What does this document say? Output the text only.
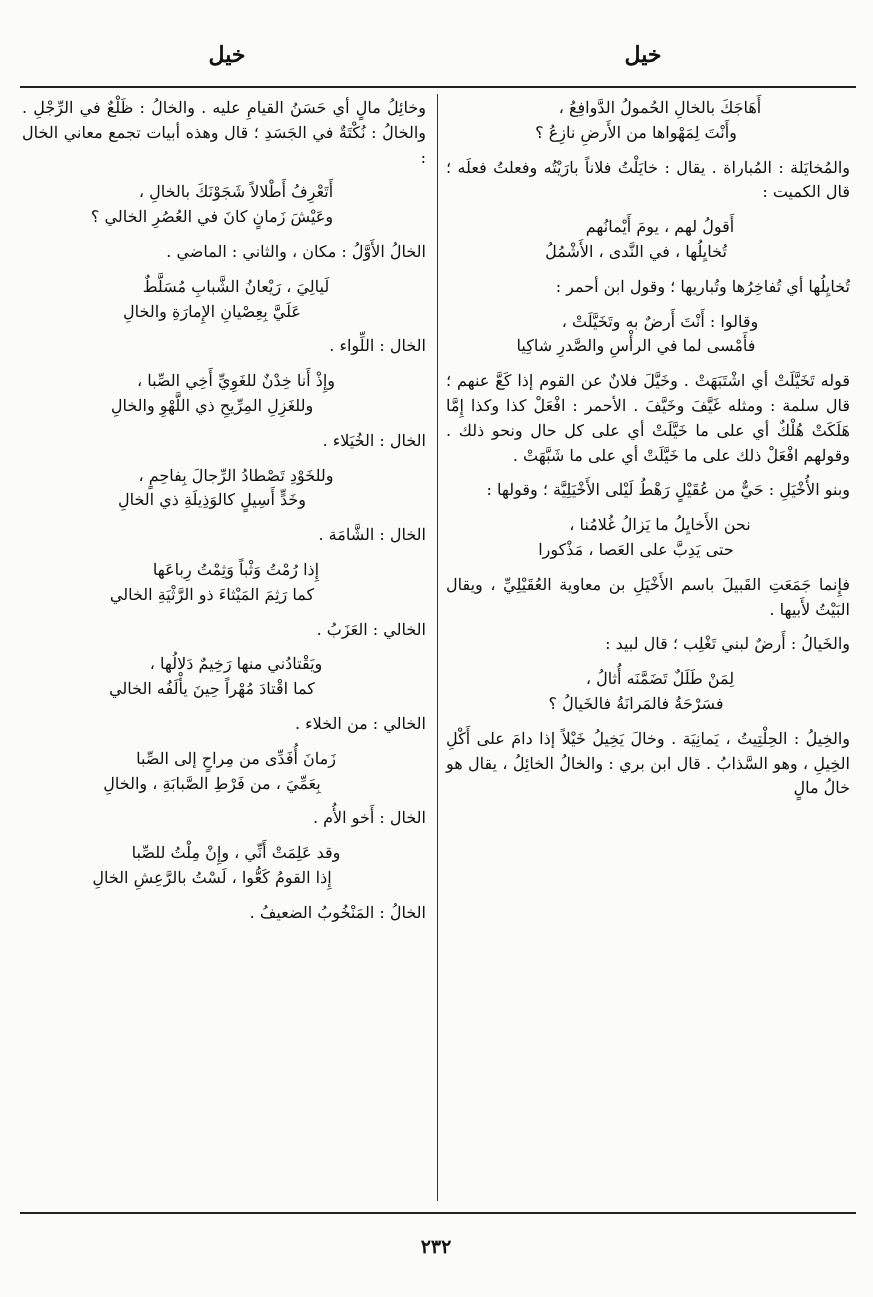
خيل
خيل
أَهَاجَكَ بالخالِ الحُمولُ الدَّوافِعُ ،
وأَنْتَ لِمَهْواها من الأَرضِ نازِعُ ؟

والمُخايَلة : المُباراة . يقال : خايَلْتُ فلاناً بارَيْتُه وفعلتُ فعلَه ؛ قال الكميت :

أَقولُ لهم ، يومَ أَيْمانُهم
تُخايِلُها ، في النَّدى ، الأَشْمُلُ

تُخايِلُها أي تُفاخِرُها وتُباريها ؛ وقول ابن أحمر :

وقالوا : أَنْتَ أَرضٌ به وتَخَيَّلَتْ ،
فأَمْسى لما في الرأْسِ والصَّدرِ شاكِيا

قوله تَخَيَّلَتْ أي اشْتَبَهَتْ . وخَيَّلَ فلانٌ عن القوم إذا كَعَّ عنهم ؛ قال سلمة : ومثله غَيَّفَ وخَيَّفَ . الأحمر : افْعَلْ كذا وكذا إِمَّا هَلَكَتْ هُلْكٌ أي على ما خَيَّلَتْ أي على كل حال ونحو ذلك . وقولهم افْعَلْ ذلك على ما خَيَّلَتْ أي على ما شَبَّهَتْ .

وبنو الأُخْيَلِ : حَيٌّ من عُقَيْلٍ رَهْطُ لَيْلى الأَخْيَلِيَّة ؛ وقولها :

نحن الأَخايِلُ ما يَزالُ غُلامُنا ،
حتى يَدِبَّ على العَصا ، مَذْكورا

فإِنما جَمَعَتِ القَبيلَ باسم الأَخْيَلِ بن معاوية العُقَيْلِيِّ ، ويقال البَيْتُ لأَبيها .

والخَيالُ : أَرضٌ لبني تَغْلِب ؛ قال لبيد :

لِمَنْ طَلَلٌ تَضَمَّنَه أُثالُ ،
فسَرْحَةُ فالمَرانَةُ فالخَيالُ ؟

والخِيلُ : الحِلْتِيتُ ، يَمانِيَة . وخالَ يَخِيلُ خَيْلاً إذا دامَ على أَكْلِ الخِيلِ ، وهو السَّذابُ . قال ابن بري : والخالُ الخائِلُ ، يقال هو خالُ مالٍ

وخائِلُ مالٍ أي حَسَنُ القيامِ عليه . والخالُ : ظَلْعٌ في الرِّجْلِ . والخالُ : نُكْتَةٌ في الجَسَدِ ؛ قال وهذه أبيات تجمع معاني الخال :

أَتَعْرِفُ أَطْلالاً شَجَوْنَكَ بالخالِ ،
وعَيْشَ زَمانٍ كانَ في العُصُرِ الخالي ؟

الخالُ الأَوَّلُ : مكان ، والثاني : الماضي .

لَيالِيَ ، رَيْعانُ الشَّبابِ مُسَلَّطٌ
عَلَيَّ بِعِصْيانِ الإِمارَةِ والخالِ

الخال : اللِّواء .

وإِذْ أَنا خِدْنٌ للغَوِيِّ أَخِي الصِّبا ،
وللغَزِلِ المِرِّيحِ ذي اللَّهْوِ والخالِ

الخال : الخُيَلاء .

وللخَوْدِ تَصْطادُ الرِّجالَ بِفاحِمٍ ،
وخَدٍّ أَسِيلٍ كالوَذِيلَةِ ذي الخالِ

الخال : الشَّامَة .

إِذا رُمْتُ وَثْباً وَثِمْتُ رِباعَها
كما رَثِمَ المَيْثاءَ ذو الرَّثْيَةِ الخالي

الخالي : العَزَبُ .

ويَقْتادُني منها رَخِيمٌ دَلالُها ،
كما اقْتادَ مُهْراً حِينَ يأْلَفُه الخالي

الخالي : من الخلاء .

زَمانَ أُفَدِّى من مِراحٍ إلى الصِّبا
بِعَمِّيَ ، من فَرْطِ الصَّبابَةِ ، والخالِ

الخال : أَخو الأُم .

وقد عَلِمَتْ أَنِّي ، وإِنْ مِلْتُ للصِّبا
إِذا القومُ كَعُّوا ، لَسْتُ بالرَّعِشِ الخالِ

الخالُ : المَنْخُوبُ الضعيفُ .

٢٣٢
